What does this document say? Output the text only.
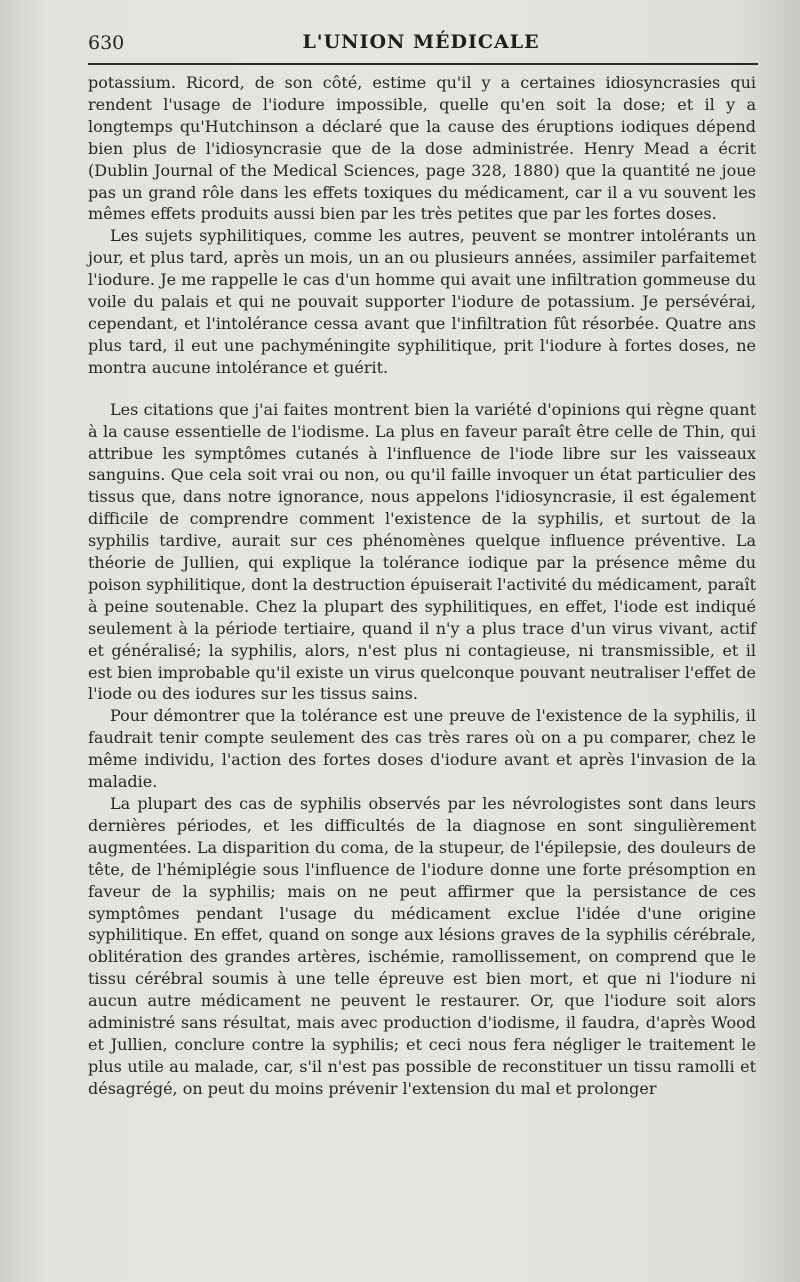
630	L'UNION MÉDICALE

potassium. Ricord, de son côté, estime qu'il y a certaines idiosyncrasies qui rendent l'usage de l'iodure impossible, quelle qu'en soit la dose; et il y a longtemps qu'Hutchinson a déclaré que la cause des éruptions iodiques dépend bien plus de l'idiosyncrasie que de la dose administrée. Henry Mead a écrit (Dublin Journal of the Medical Sciences, page 328, 1880) que la quantité ne joue pas un grand rôle dans les effets toxiques du médicament, car il a vu souvent les mêmes effets produits aussi bien par les très petites que par les fortes doses.

Les sujets syphilitiques, comme les autres, peuvent se montrer intolérants un jour, et plus tard, après un mois, un an ou plusieurs années, assimiler parfaitemet l'iodure. Je me rappelle le cas d'un homme qui avait une infiltration gommeuse du voile du palais et qui ne pouvait supporter l'iodure de potassium. Je persévérai, cependant, et l'intolérance cessa avant que l'infiltration fût résorbée. Quatre ans plus tard, il eut une pachyméningite syphilitique, prit l'iodure à fortes doses, ne montra aucune intolérance et guérit.

Les citations que j'ai faites montrent bien la variété d'opinions qui règne quant à la cause essentielle de l'iodisme. La plus en faveur paraît être celle de Thin, qui attribue les symptômes cutanés à l'influence de l'iode libre sur les vaisseaux sanguins. Que cela soit vrai ou non, ou qu'il faille invoquer un état particulier des tissus que, dans notre ignorance, nous appelons l'idiosyncrasie, il est également difficile de comprendre comment l'existence de la syphilis, et surtout de la syphilis tardive, aurait sur ces phénomènes quelque influence préventive. La théorie de Jullien, qui explique la tolérance iodique par la présence même du poison syphilitique, dont la destruction épuiserait l'activité du médicament, paraît à peine soutenable. Chez la plupart des syphilitiques, en effet, l'iode est indiqué seulement à la période tertiaire, quand il n'y a plus trace d'un virus vivant, actif et généralisé; la syphilis, alors, n'est plus ni contagieuse, ni transmissible, et il est bien improbable qu'il existe un virus quelconque pouvant neutraliser l'effet de l'iode ou des iodures sur les tissus sains.

Pour démontrer que la tolérance est une preuve de l'existence de la syphilis, il faudrait tenir compte seulement des cas très rares où on a pu comparer, chez le même individu, l'action des fortes doses d'iodure avant et après l'invasion de la maladie.

La plupart des cas de syphilis observés par les névrologistes sont dans leurs dernières périodes, et les difficultés de la diagnose en sont singulièrement augmentées. La disparition du coma, de la stupeur, de l'épilepsie, des douleurs de tête, de l'hémiplégie sous l'influence de l'iodure donne une forte présomption en faveur de la syphilis; mais on ne peut affirmer que la persistance de ces symptômes pendant l'usage du médicament exclue l'idée d'une origine syphilitique. En effet, quand on songe aux lésions graves de la syphilis cérébrale, oblitération des grandes artères, ischémie, ramollissement, on comprend que le tissu cérébral soumis à une telle épreuve est bien mort, et que ni l'iodure ni aucun autre médicament ne peuvent le restaurer. Or, que l'iodure soit alors administré sans résultat, mais avec production d'iodisme, il faudra, d'après Wood et Jullien, conclure contre la syphilis; et ceci nous fera négliger le traitement le plus utile au malade, car, s'il n'est pas possible de reconstituer un tissu ramolli et désagrégé, on peut du moins prévenir l'extension du mal et prolonger
